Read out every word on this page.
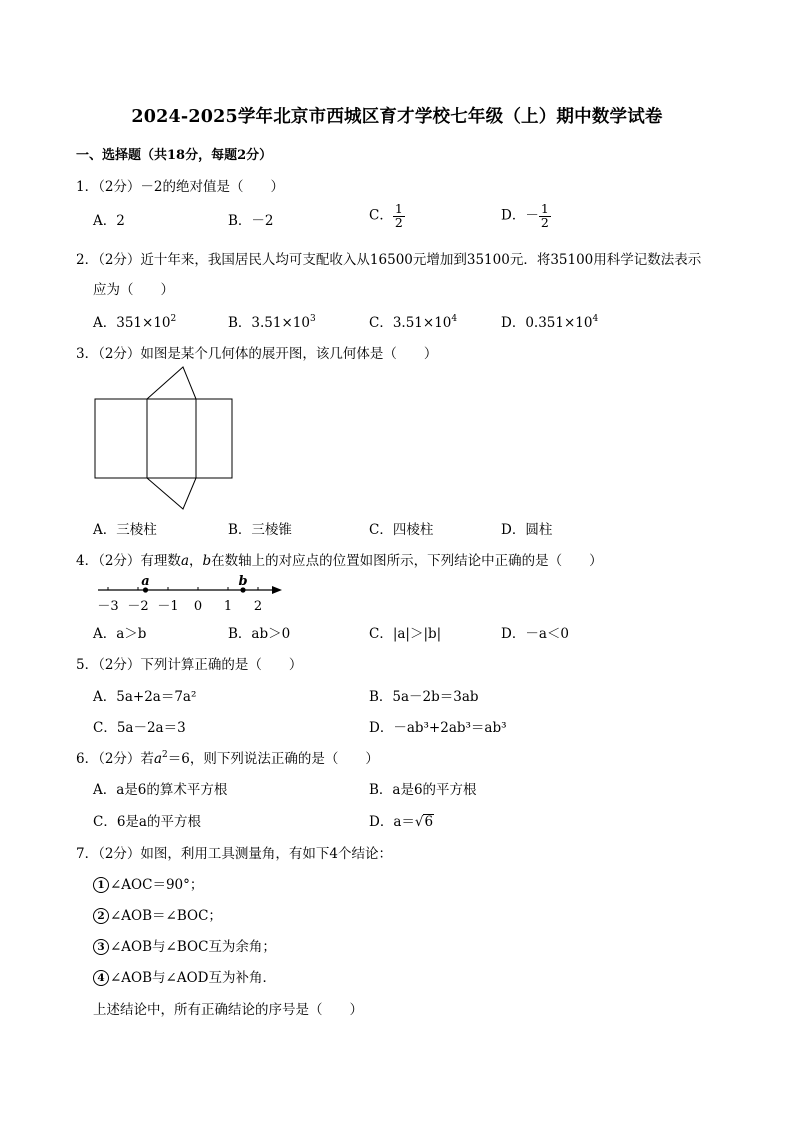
2024-2025学年北京市西城区育才学校七年级（上）期中数学试卷
一、选择题（共18分，每题2分）
1．（2分）－2的绝对值是（　　）
A．2	B．－2	C． $\frac{1}{2}$	D．－ $\frac{1}{2}$
2．（2分）近十年来，我国居民人均可支配收入从16500元增加到35100元．将35100用科学记数法表示
应为（　　）
A．$351\times 10^2$	B．$3.51\times 10^3$	C．$3.51\times 10^4$	D．$0.351\times 10^4$
3．（2分）如图是某个几何体的展开图，该几何体是（　　）
A．三棱柱	B．三棱锥	C．四棱柱	D．圆柱
4．（2分）有理数a，b在数轴上的对应点的位置如图所示，下列结论中正确的是（　　）
－3 －2 －1 0 1 2
a	b
A．a＞b	B．ab＞0	C．|a|＞|b|	D．－a＜0
5．（2分）下列计算正确的是（　　）
A．5a+2a＝7a²	B．5a－2b＝3ab
C．5a－2a＝3	D．－ab³+2ab³＝ab³
6．（2分）若$a^2=6$，则下列说法正确的是（　　）
A．a是6的算术平方根	B．a是6的平方根
C．6是a的平方根	D．a＝√6
7．（2分）如图，利用工具测量角，有如下4个结论：
1 ∠AOC＝90°；
2 ∠AOB＝∠BOC；
3 ∠AOB与∠BOC互为余角；
4 ∠AOB与∠AOD互为补角．
上述结论中，所有正确结论的序号是（　　）
